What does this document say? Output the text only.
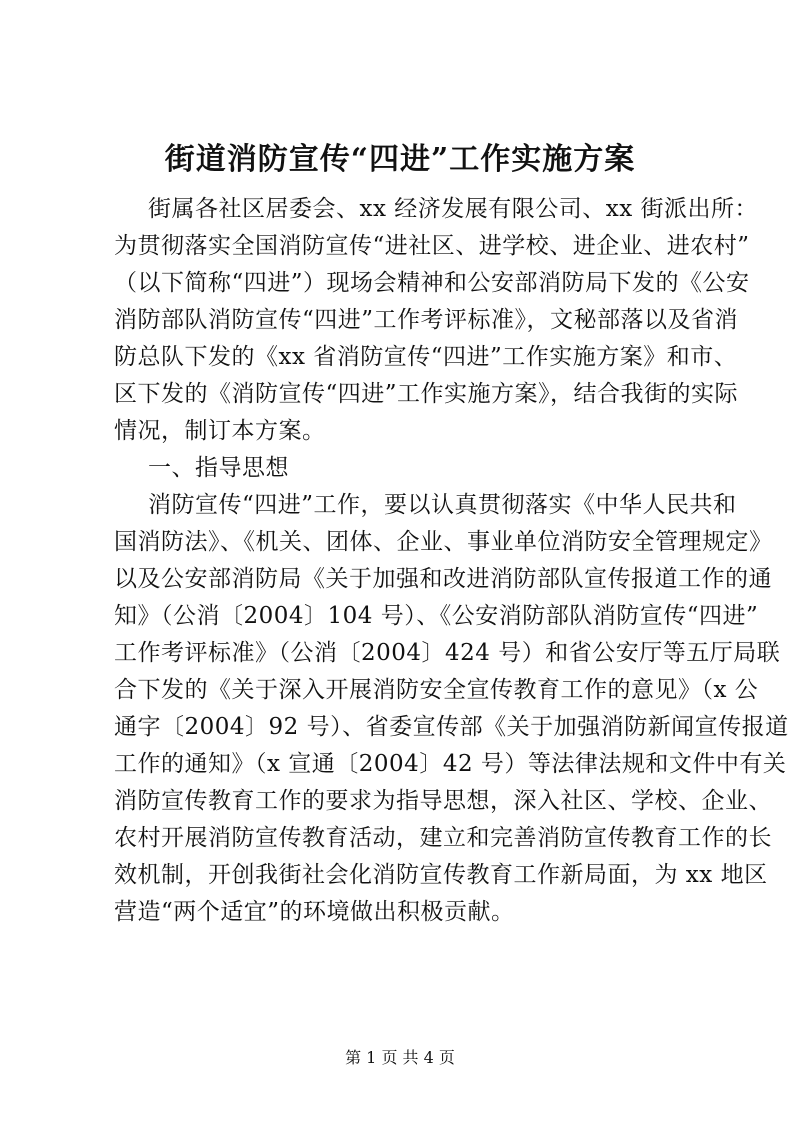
街道消防宣传“四进”工作实施方案
街属各社区居委会、xx 经济发展有限公司、xx 街派出所：
为贯彻落实全国消防宣传“进社区、进学校、进企业、进农村”
（以下简称“四进”）现场会精神和公安部消防局下发的《公安
消防部队消防宣传“四进”工作考评标准》，文秘部落以及省消
防总队下发的《xx 省消防宣传“四进”工作实施方案》和市、
区下发的《消防宣传“四进”工作实施方案》，结合我街的实际
情况，制订本方案。
一、指导思想
消防宣传“四进”工作，要以认真贯彻落实《中华人民共和
国消防法》、《机关、团体、企业、事业单位消防安全管理规定》
以及公安部消防局《关于加强和改进消防部队宣传报道工作的通
知》（公消〔2004〕104 号）、《公安消防部队消防宣传“四进”
工作考评标准》（公消〔2004〕424 号）和省公安厅等五厅局联
合下发的《关于深入开展消防安全宣传教育工作的意见》（x 公
通字〔2004〕92 号）、省委宣传部《关于加强消防新闻宣传报道
工作的通知》（x 宣通〔2004〕42 号）等法律法规和文件中有关
消防宣传教育工作的要求为指导思想，深入社区、学校、企业、
农村开展消防宣传教育活动，建立和完善消防宣传教育工作的长
效机制，开创我街社会化消防宣传教育工作新局面，为 xx 地区
营造“两个适宜”的环境做出积极贡献。
第 1 页 共 4 页
